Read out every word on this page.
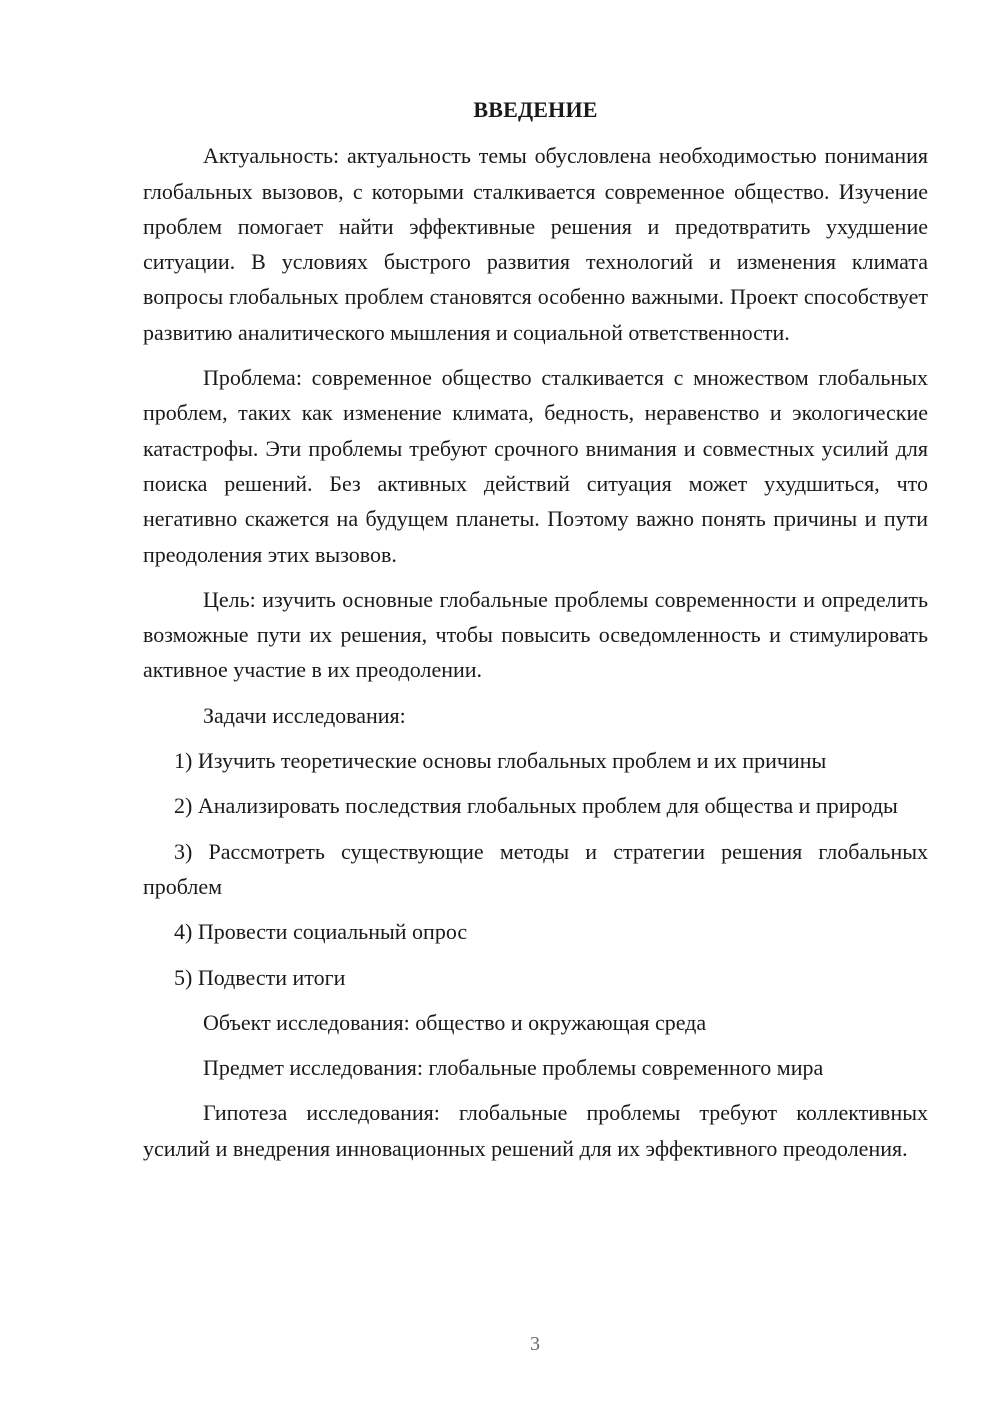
ВВЕДЕНИЕ

Актуальность: актуальность темы обусловлена необходимостью понимания глобальных вызовов, с которыми сталкивается современное общество. Изучение проблем помогает найти эффективные решения и предотвратить ухудшение ситуации. В условиях быстрого развития технологий и изменения климата вопросы глобальных проблем становятся особенно важными. Проект способствует развитию аналитического мышления и социальной ответственности.

Проблема: современное общество сталкивается с множеством глобальных проблем, таких как изменение климата, бедность, неравенство и экологические катастрофы. Эти проблемы требуют срочного внимания и совместных усилий для поиска решений. Без активных действий ситуация может ухудшиться, что негативно скажется на будущем планеты. Поэтому важно понять причины и пути преодоления этих вызовов.

Цель: изучить основные глобальные проблемы современности и определить возможные пути их решения, чтобы повысить осведомленность и стимулировать активное участие в их преодолении.

Задачи исследования:

1) Изучить теоретические основы глобальных проблем и их причины

2) Анализировать последствия глобальных проблем для общества и природы

3) Рассмотреть существующие методы и стратегии решения глобальных проблем

4) Провести социальный опрос

5) Подвести итоги

Объект исследования: общество и окружающая среда

Предмет исследования: глобальные проблемы современного мира

Гипотеза исследования: глобальные проблемы требуют коллективных усилий и внедрения инновационных решений для их эффективного преодоления.

3
